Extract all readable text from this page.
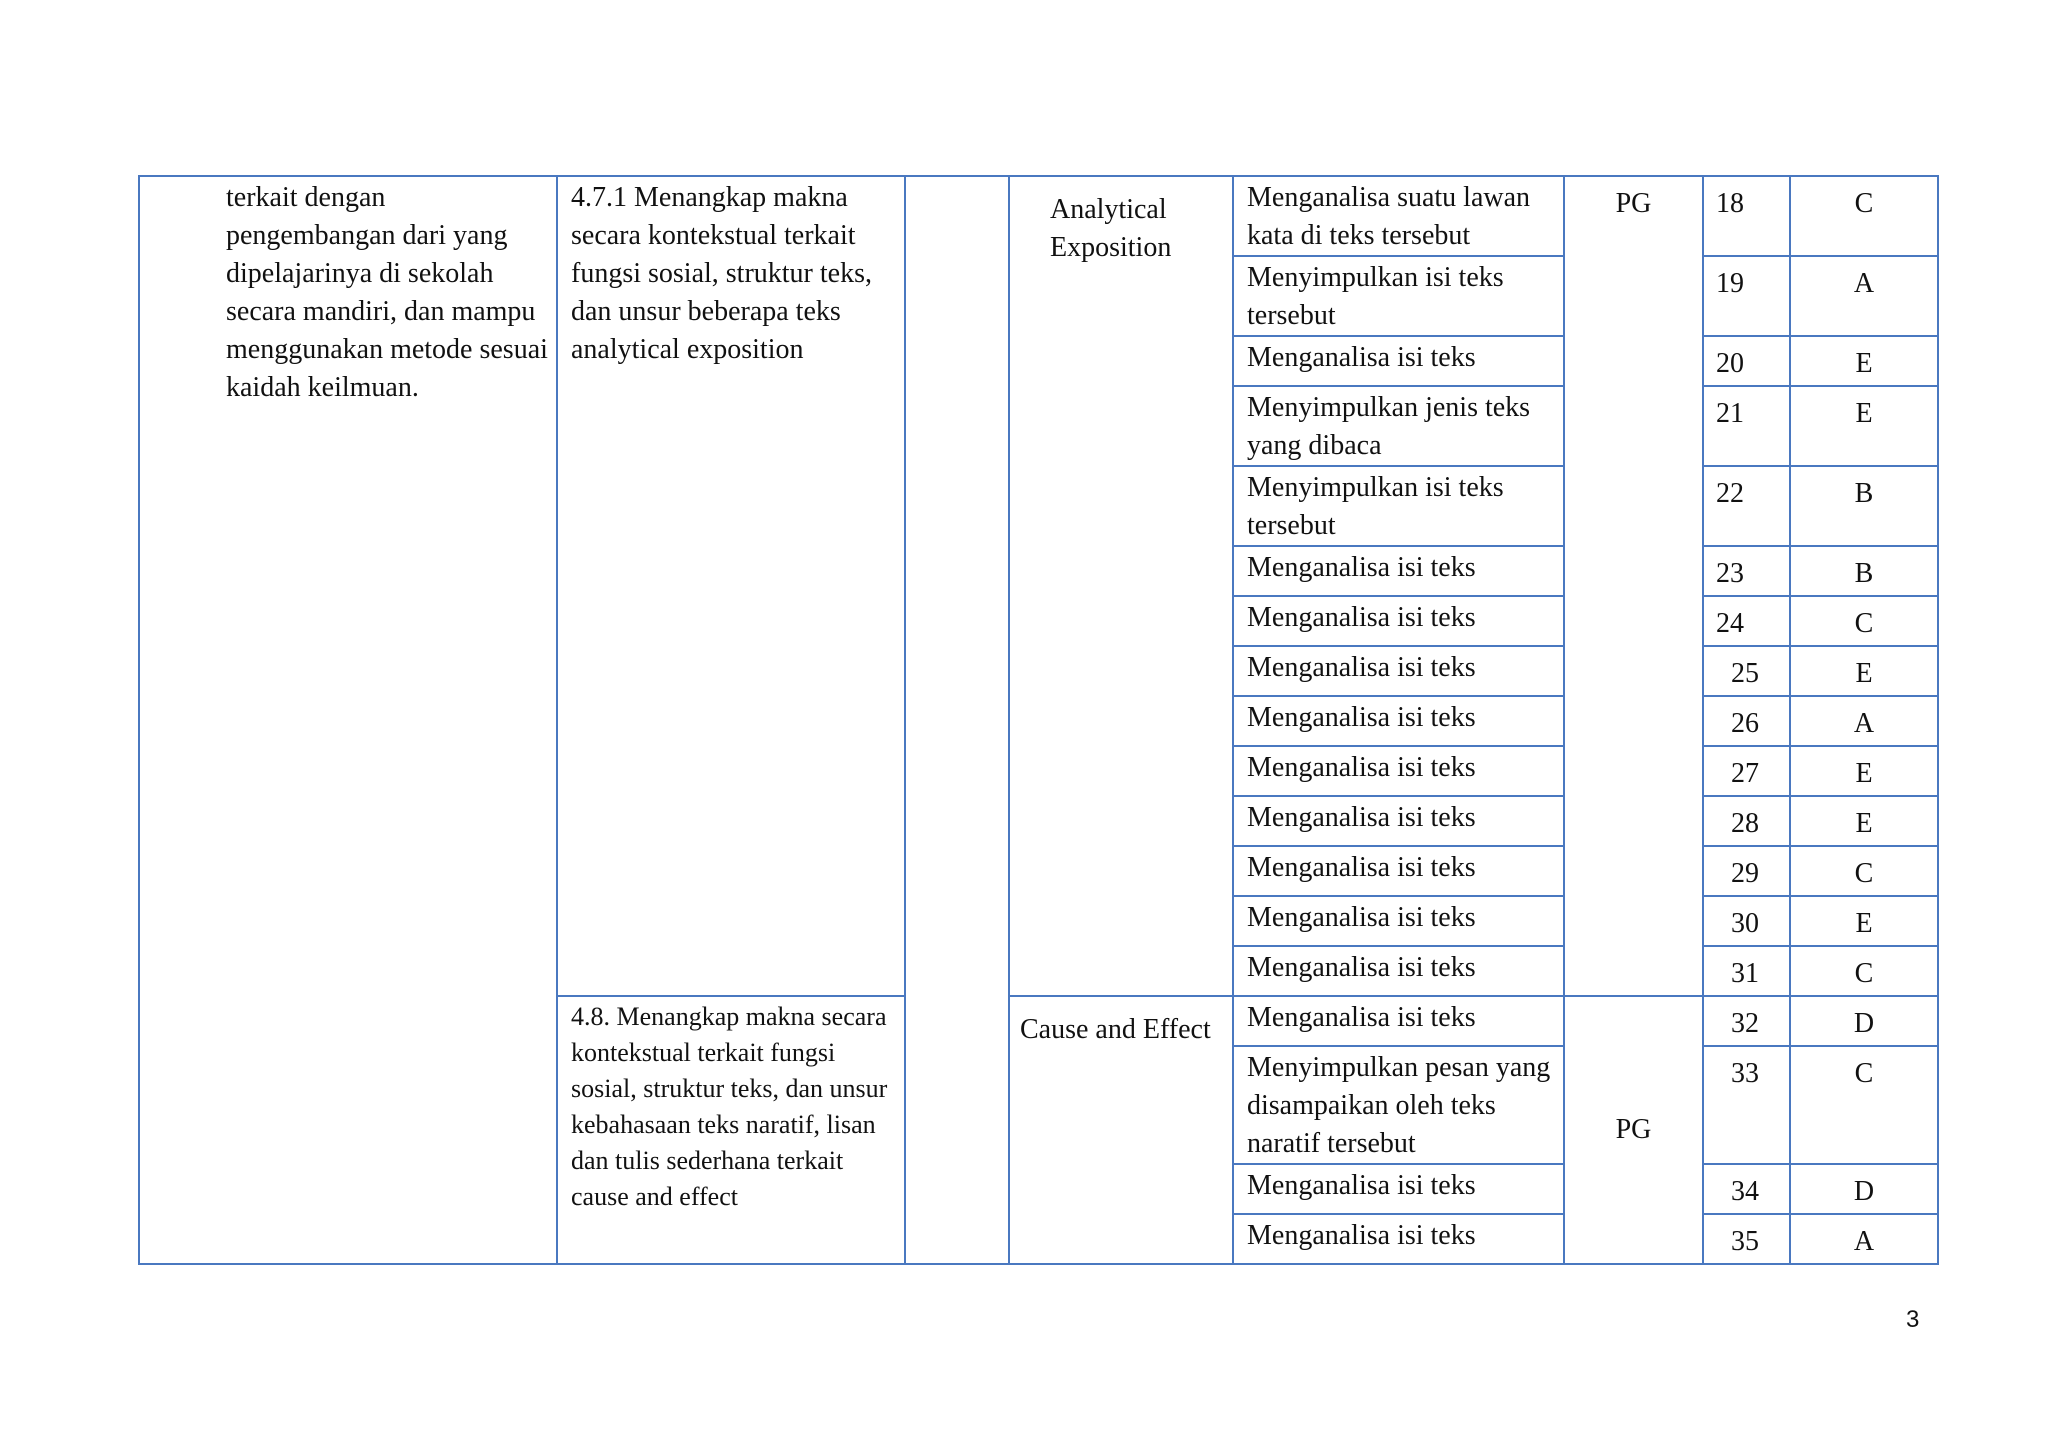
terkait dengan pengembangan dari yang dipelajarinya di sekolah secara mandiri, dan mampu menggunakan metode sesuai kaidah keilmuan.	4.7.1 Menangkap makna secara kontekstual terkait fungsi sosial, struktur teks, dan unsur beberapa teks analytical exposition		Analytical Exposition	Menganalisa suatu lawan kata di teks tersebut	PG	18	C
				Menyimpulkan isi teks tersebut		19	A
				Menganalisa isi teks		20	E
				Menyimpulkan jenis teks yang dibaca		21	E
				Menyimpulkan isi teks tersebut		22	B
				Menganalisa isi teks		23	B
				Menganalisa isi teks		24	C
				Menganalisa isi teks		25	E
				Menganalisa isi teks		26	A
				Menganalisa isi teks		27	E
				Menganalisa isi teks		28	E
				Menganalisa isi teks		29	C
				Menganalisa isi teks		30	E
				Menganalisa isi teks		31	C
	4.8. Menangkap makna secara kontekstual terkait fungsi sosial, struktur teks, dan unsur kebahasaan teks naratif, lisan dan tulis sederhana terkait cause and effect		Cause and Effect	Menganalisa isi teks	PG	32	D
				Menyimpulkan pesan yang disampaikan oleh teks naratif tersebut		33	C
				Menganalisa isi teks		34	D
				Menganalisa isi teks		35	A
3
